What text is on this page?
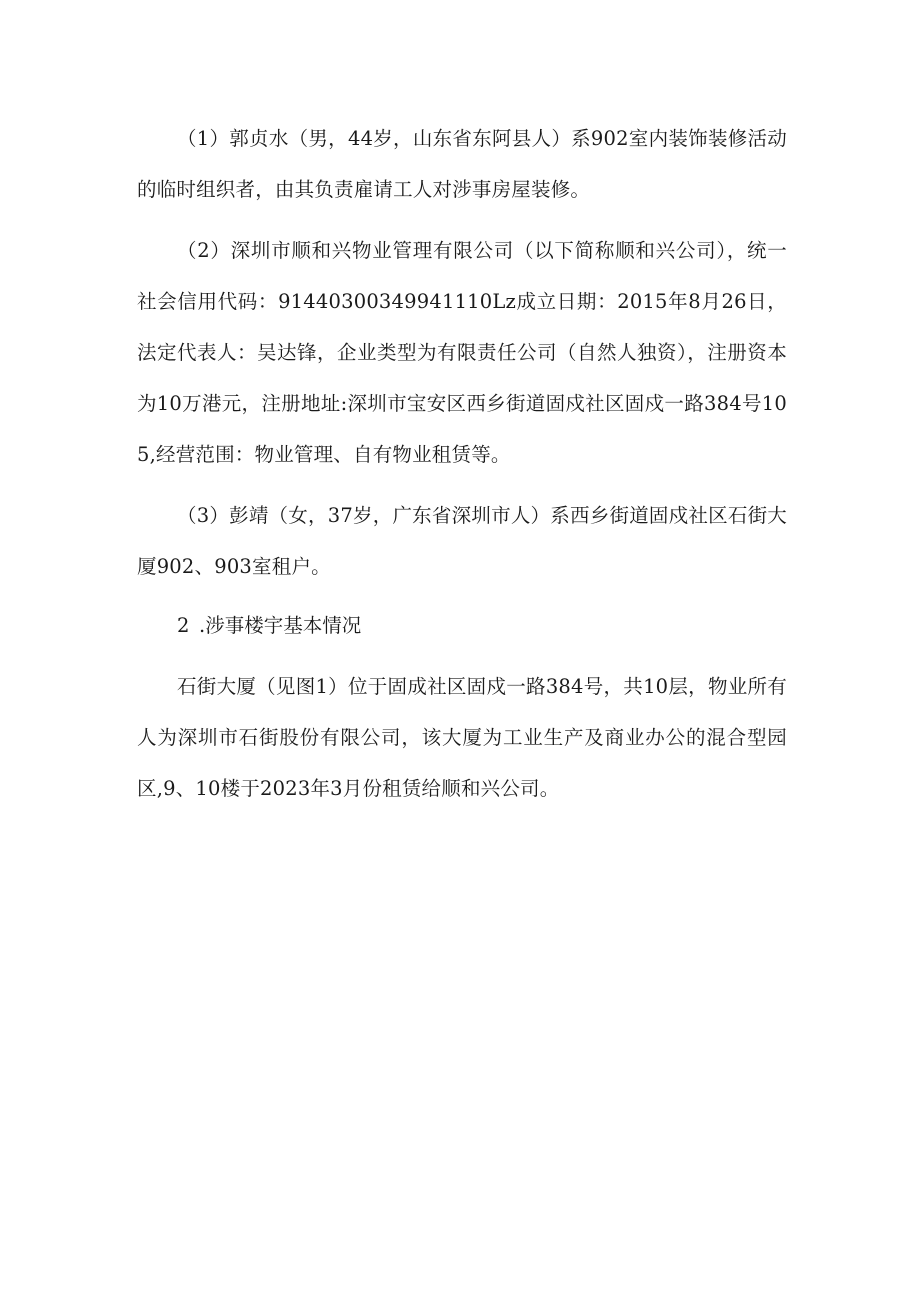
（1）郭贞水（男，44岁，山东省东阿县人）系902室内装饰装修活动的临时组织者，由其负责雇请工人对涉事房屋装修。

（2）深圳市顺和兴物业管理有限公司（以下简称顺和兴公司），统一社会信用代码：91440300349941110Lz成立日期：2015年8月26日，法定代表人：吴达锋，企业类型为有限责任公司（自然人独资），注册资本为10万港元，注册地址:深圳市宝安区西乡街道固戍社区固戍一路384号105,经营范围：物业管理、自有物业租赁等。

（3）彭靖（女，37岁，广东省深圳市人）系西乡街道固戍社区石街大厦902、903室租户。

2 .涉事楼宇基本情况

石街大厦（见图1）位于固成社区固戍一路384号，共10层，物业所有人为深圳市石街股份有限公司，该大厦为工业生产及商业办公的混合型园区,9、10楼于2023年3月份租赁给顺和兴公司。
